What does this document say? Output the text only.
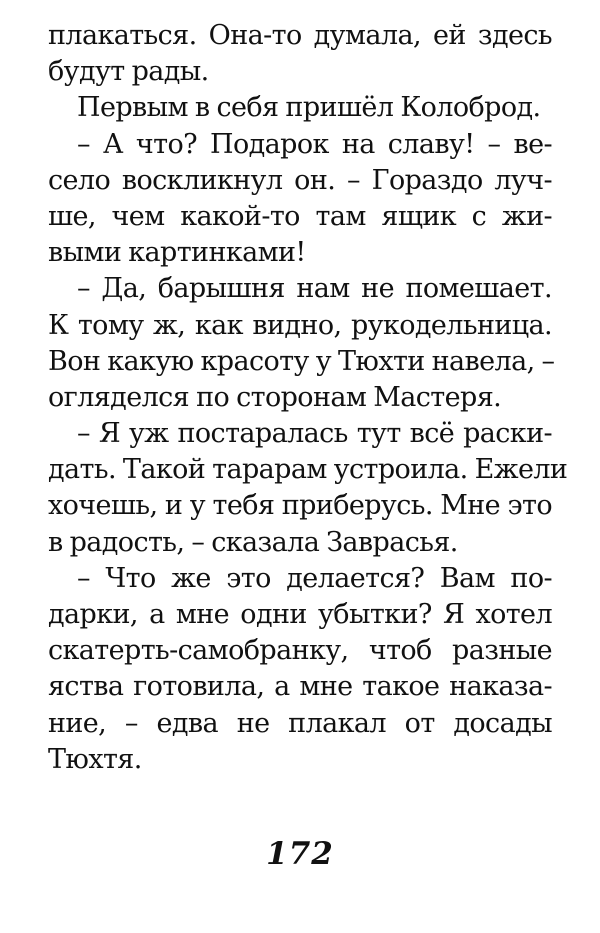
плакаться. Она-то думала, ей здесь
будут рады.
Первым в себя пришёл Колоброд.
– А что? Подарок на славу! – ве-
село воскликнул он. – Гораздо луч-
ше, чем какой-то там ящик с жи-
выми картинками!
– Да, барышня нам не помешает.
К тому ж, как видно, рукодельница.
Вон какую красоту у Тюхти навела, –
огляделся по сторонам Мастеря.
– Я уж постаралась тут всё раски-
дать. Такой тарарам устроила. Ежели
хочешь, и у тебя приберусь. Мне это
в радость, – сказала Заврасья.
– Что же это делается? Вам по-
дарки, а мне одни убытки? Я хотел
скатерть-самобранку, чтоб разные
яства готовила, а мне такое наказа-
ние, – едва не плакал от досады
Тюхтя.
172
